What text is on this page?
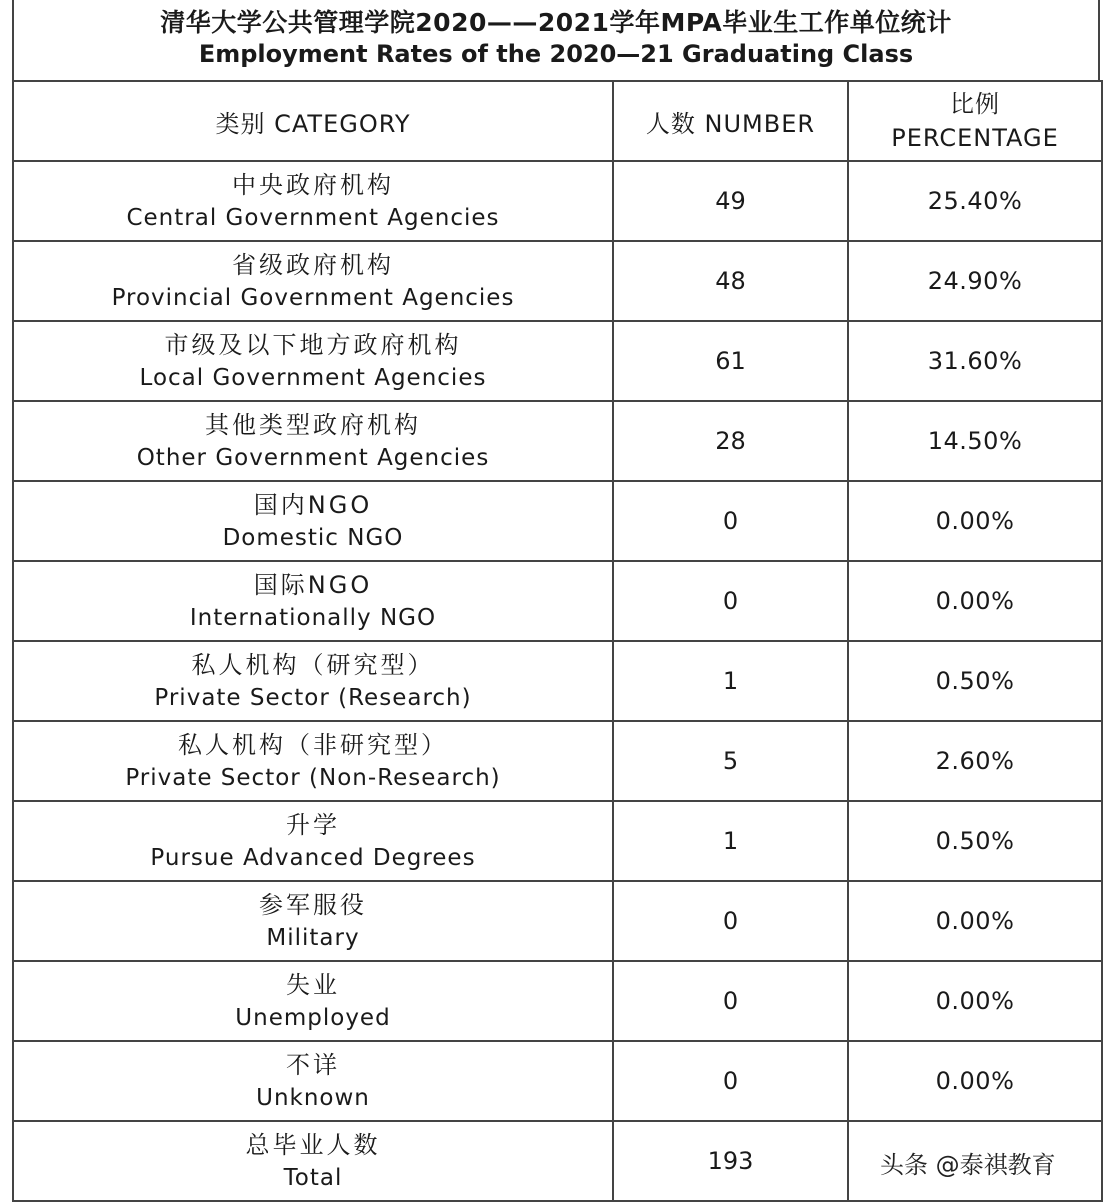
清华大学公共管理学院2020——2021学年MPA毕业生工作单位统计
Employment Rates of the 2020—21 Graduating Class
类别 CATEGORY	人数 NUMBER	比例
PERCENTAGE

中央政府机构
Central Government Agencies	49	25.40%

省级政府机构
Provincial Government Agencies	48	24.90%

市级及以下地方政府机构
Local Government Agencies	61	31.60%

其他类型政府机构
Other Government Agencies	28	14.50%

国内NGO
Domestic NGO	0	0.00%

国际NGO
Internationally NGO	0	0.00%

私人机构（研究型）
Private Sector (Research)	1	0.50%

私人机构（非研究型）
Private Sector (Non-Research)	5	2.60%

升学
Pursue Advanced Degrees	1	0.50%

参军服役
Military	0	0.00%

失业
Unemployed	0	0.00%

不详
Unknown	0	0.00%

总毕业人数
Total	193		头条 @泰祺教育
